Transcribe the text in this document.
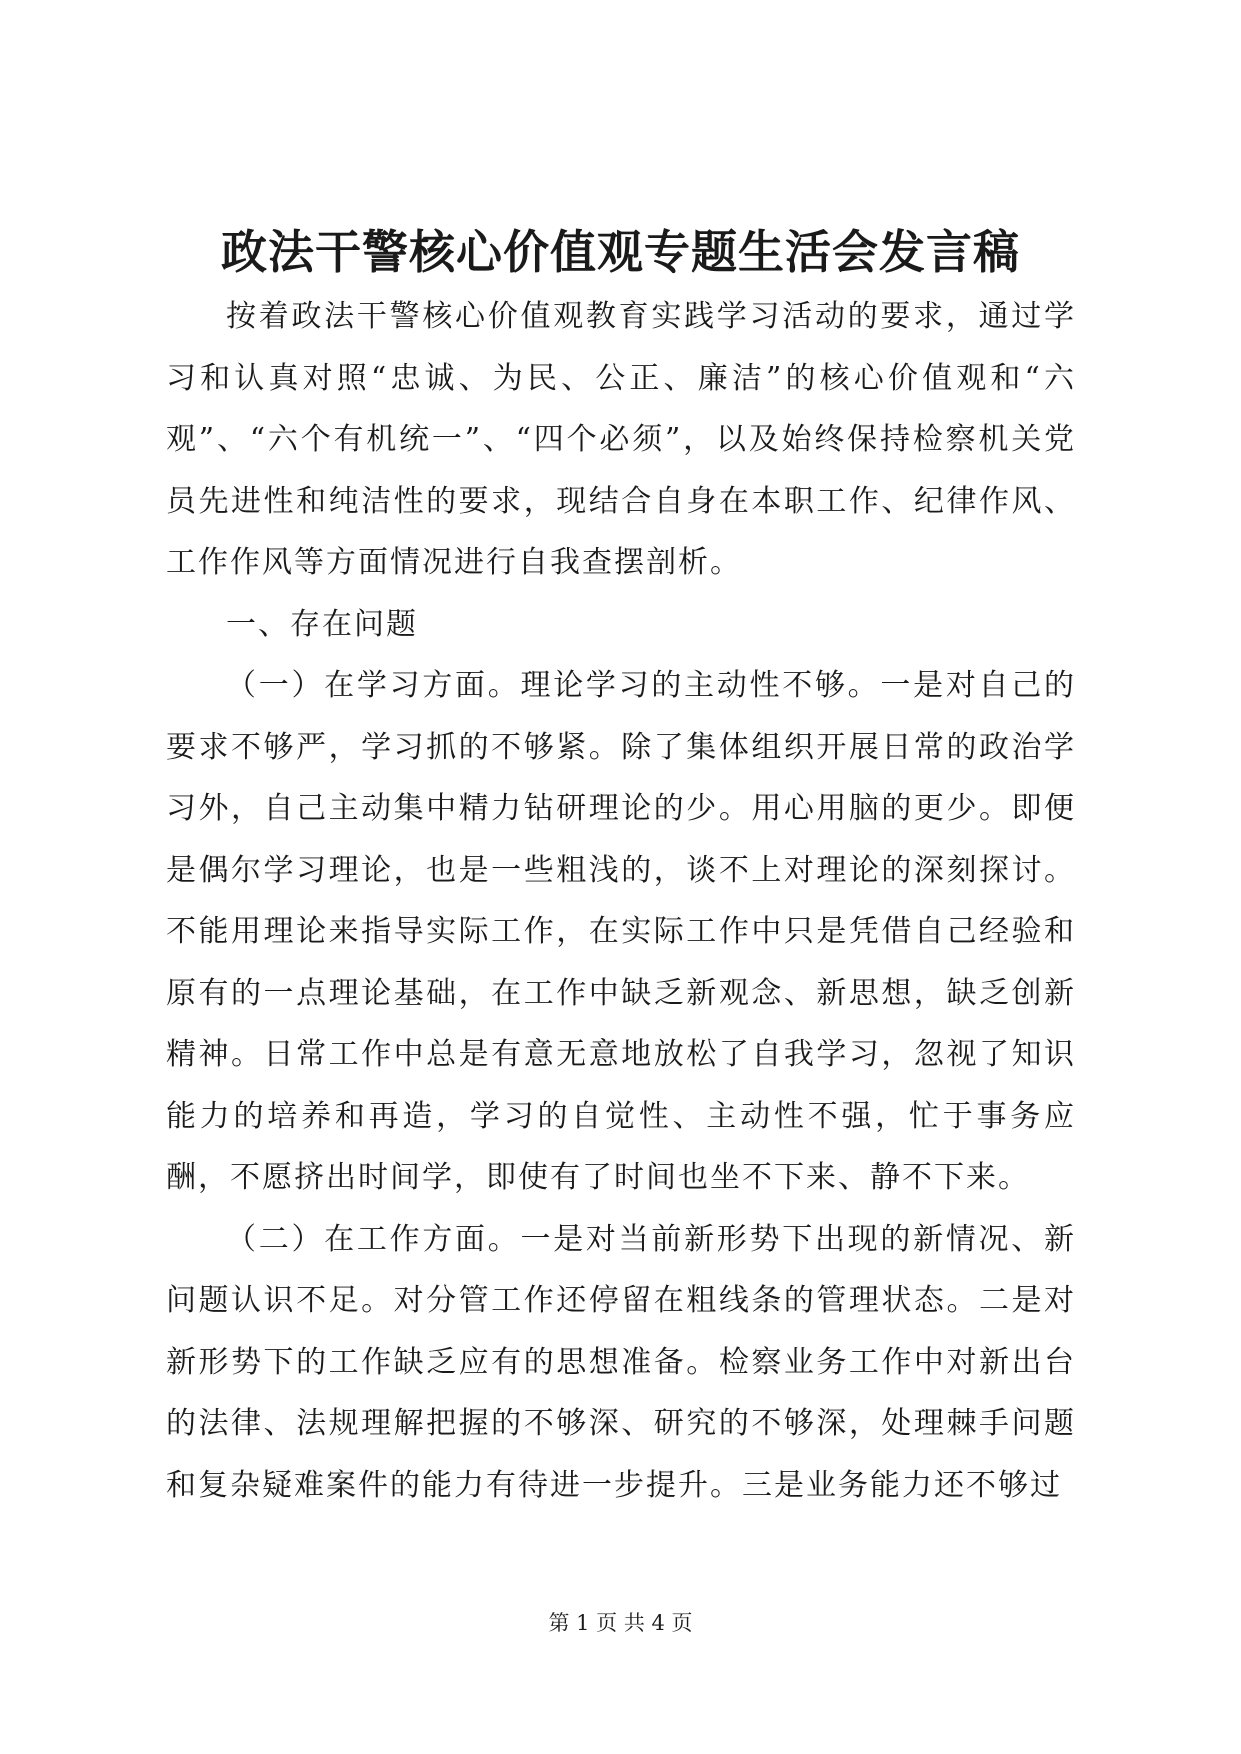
政法干警核心价值观专题生活会发言稿

按着政法干警核心价值观教育实践学习活动的要求，通过学习和认真对照“忠诚、为民、公正、廉洁”的核心价值观和“六观”、“六个有机统一”、“四个必须”，以及始终保持检察机关党员先进性和纯洁性的要求，现结合自身在本职工作、纪律作风、工作作风等方面情况进行自我查摆剖析。

一、存在问题

（一）在学习方面。理论学习的主动性不够。一是对自己的要求不够严，学习抓的不够紧。除了集体组织开展日常的政治学习外，自己主动集中精力钻研理论的少。用心用脑的更少。即便是偶尔学习理论，也是一些粗浅的，谈不上对理论的深刻探讨。不能用理论来指导实际工作，在实际工作中只是凭借自己经验和原有的一点理论基础，在工作中缺乏新观念、新思想，缺乏创新精神。日常工作中总是有意无意地放松了自我学习，忽视了知识能力的培养和再造，学习的自觉性、主动性不强，忙于事务应酬，不愿挤出时间学，即使有了时间也坐不下来、静不下来。

（二）在工作方面。一是对当前新形势下出现的新情况、新问题认识不足。对分管工作还停留在粗线条的管理状态。二是对新形势下的工作缺乏应有的思想准备。检察业务工作中对新出台的法律、法规理解把握的不够深、研究的不够深，处理棘手问题和复杂疑难案件的能力有待进一步提升。三是业务能力还不够过

第 1 页 共 4 页
